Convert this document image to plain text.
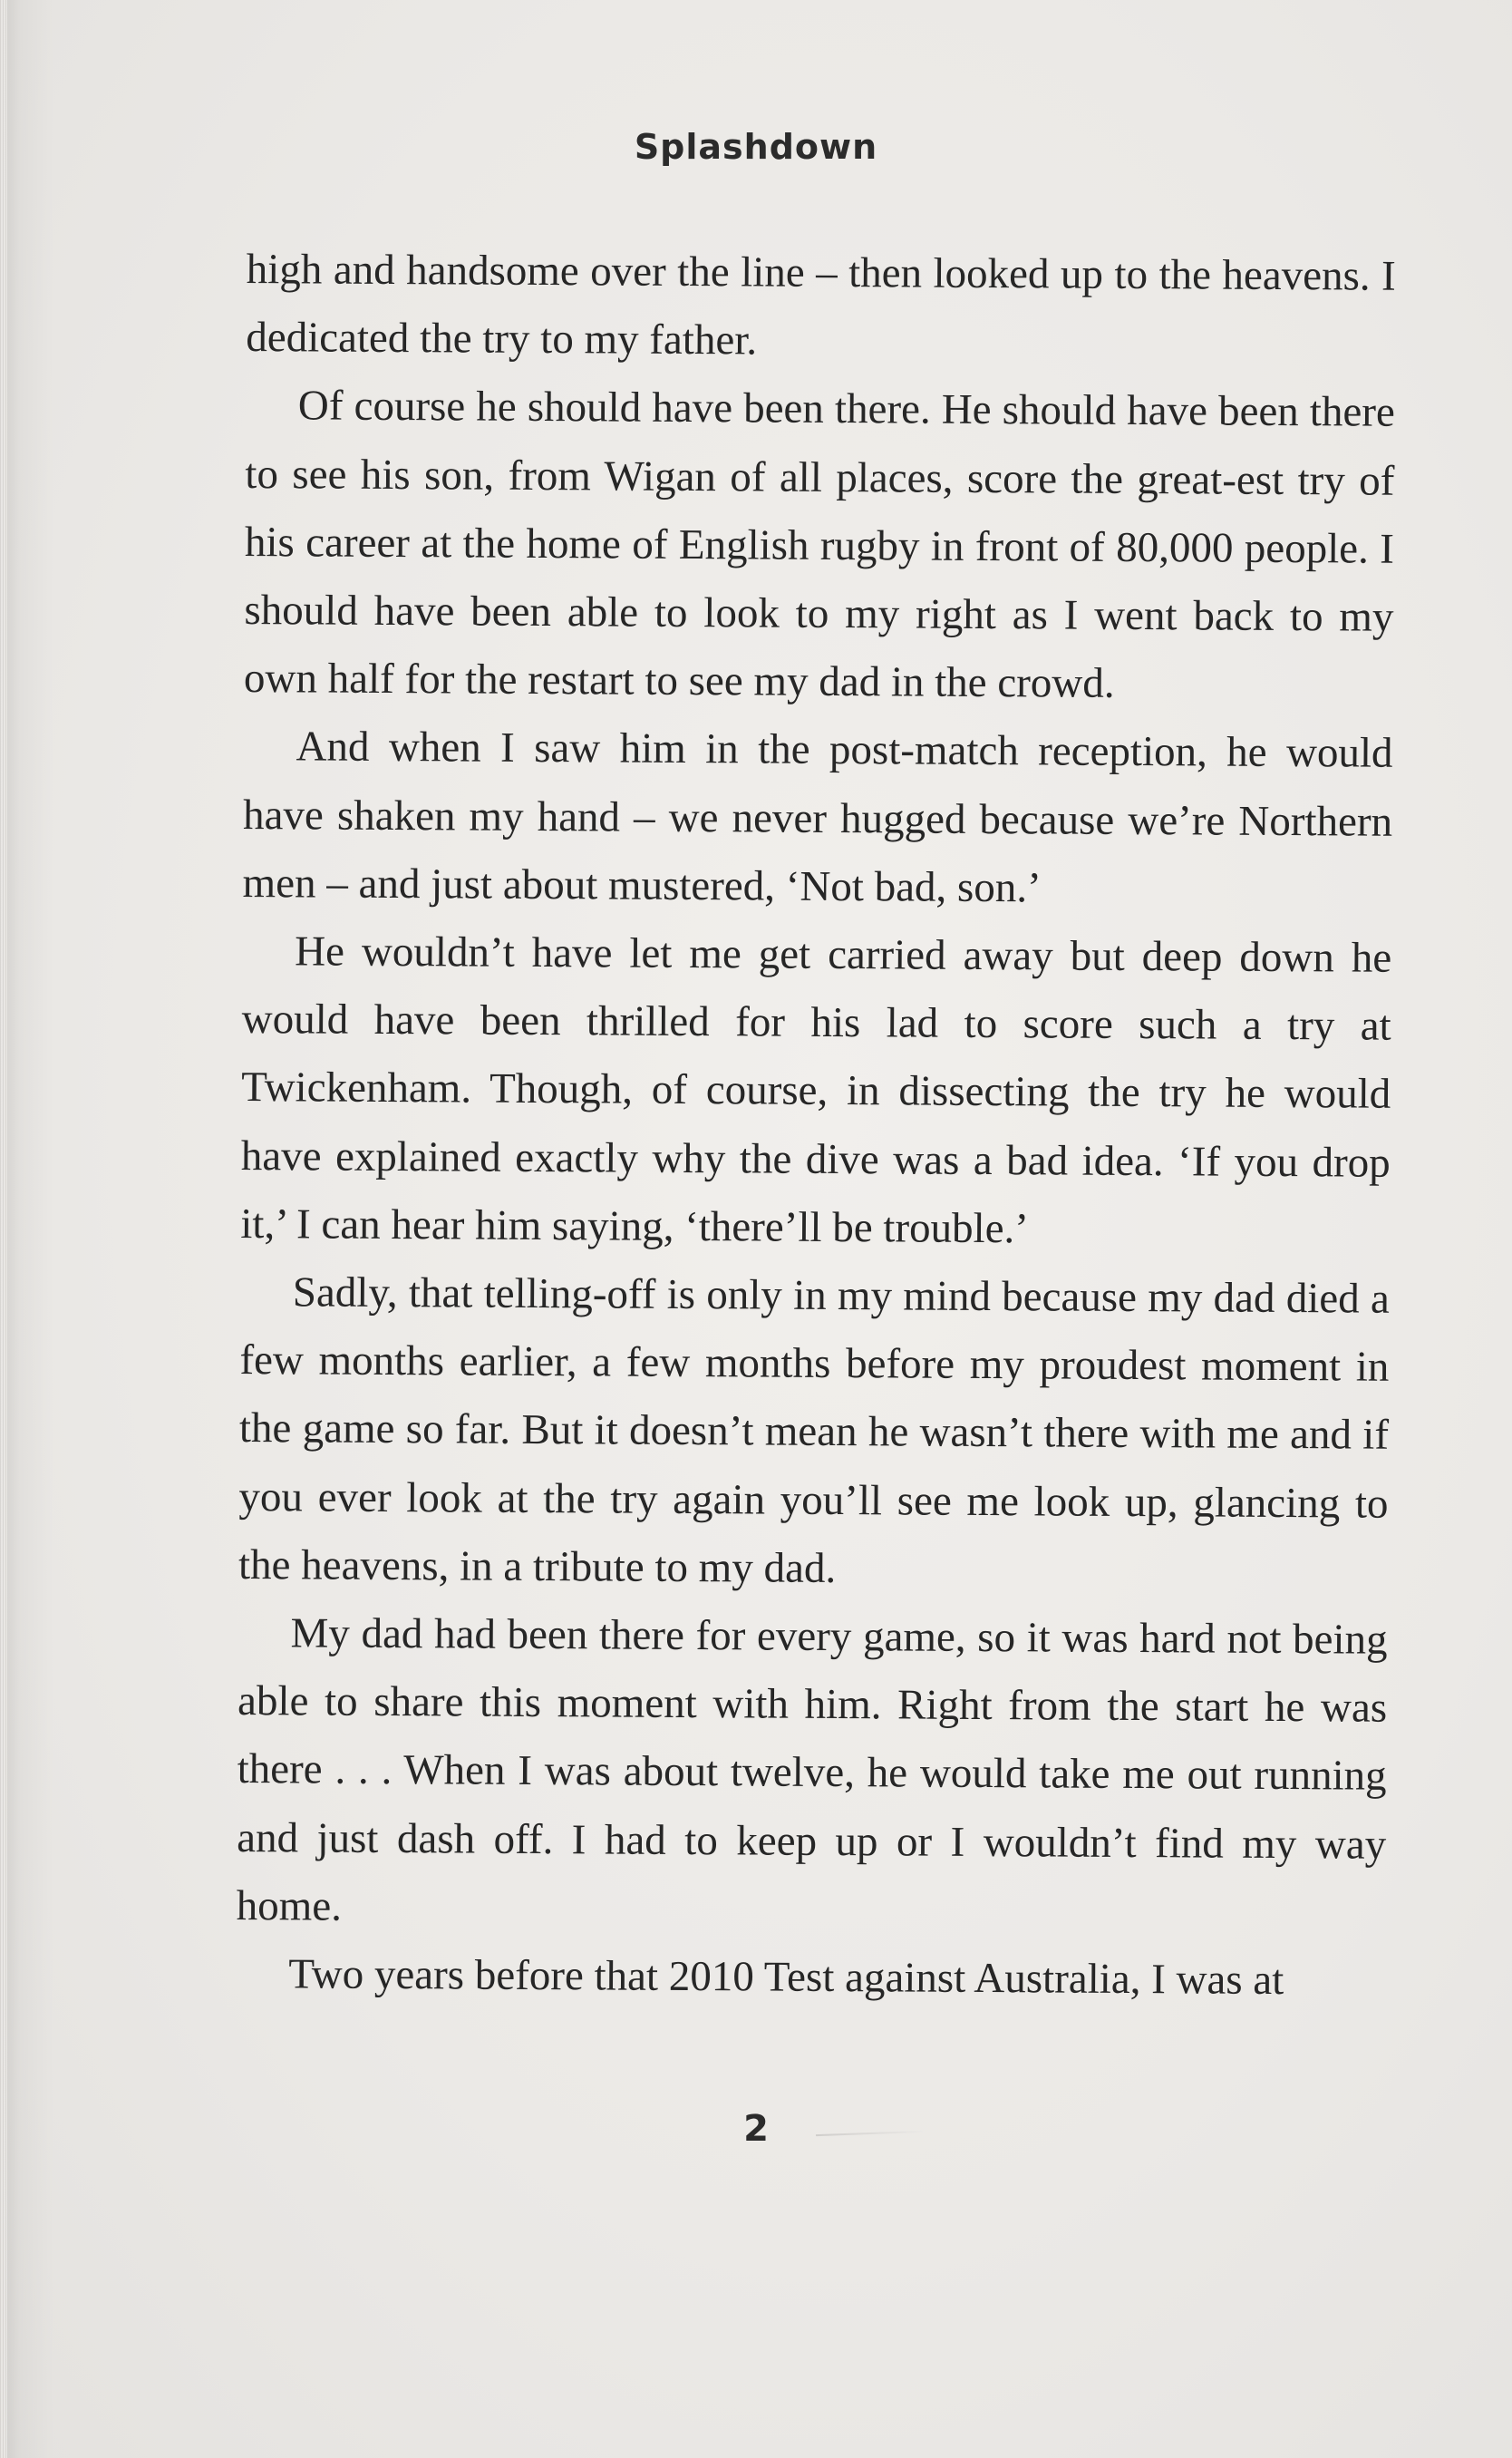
Splashdown

high and handsome over the line – then looked up to the heavens. I dedicated the try to my father.

Of course he should have been there. He should have been there to see his son, from Wigan of all places, score the great-est try of his career at the home of English rugby in front of 80,000 people. I should have been able to look to my right as I went back to my own half for the restart to see my dad in the crowd.

And when I saw him in the post-match reception, he would have shaken my hand – we never hugged because we’re Northern men – and just about mustered, ‘Not bad, son.’

He wouldn’t have let me get carried away but deep down he would have been thrilled for his lad to score such a try at Twickenham. Though, of course, in dissecting the try he would have explained exactly why the dive was a bad idea. ‘If you drop it,’ I can hear him saying, ‘there’ll be trouble.’

Sadly, that telling-off is only in my mind because my dad died a few months earlier, a few months before my proudest moment in the game so far. But it doesn’t mean he wasn’t there with me and if you ever look at the try again you’ll see me look up, glancing to the heavens, in a tribute to my dad.

My dad had been there for every game, so it was hard not being able to share this moment with him. Right from the start he was there . . . When I was about twelve, he would take me out running and just dash off. I had to keep up or I wouldn’t find my way home.

Two years before that 2010 Test against Australia, I was at

2
